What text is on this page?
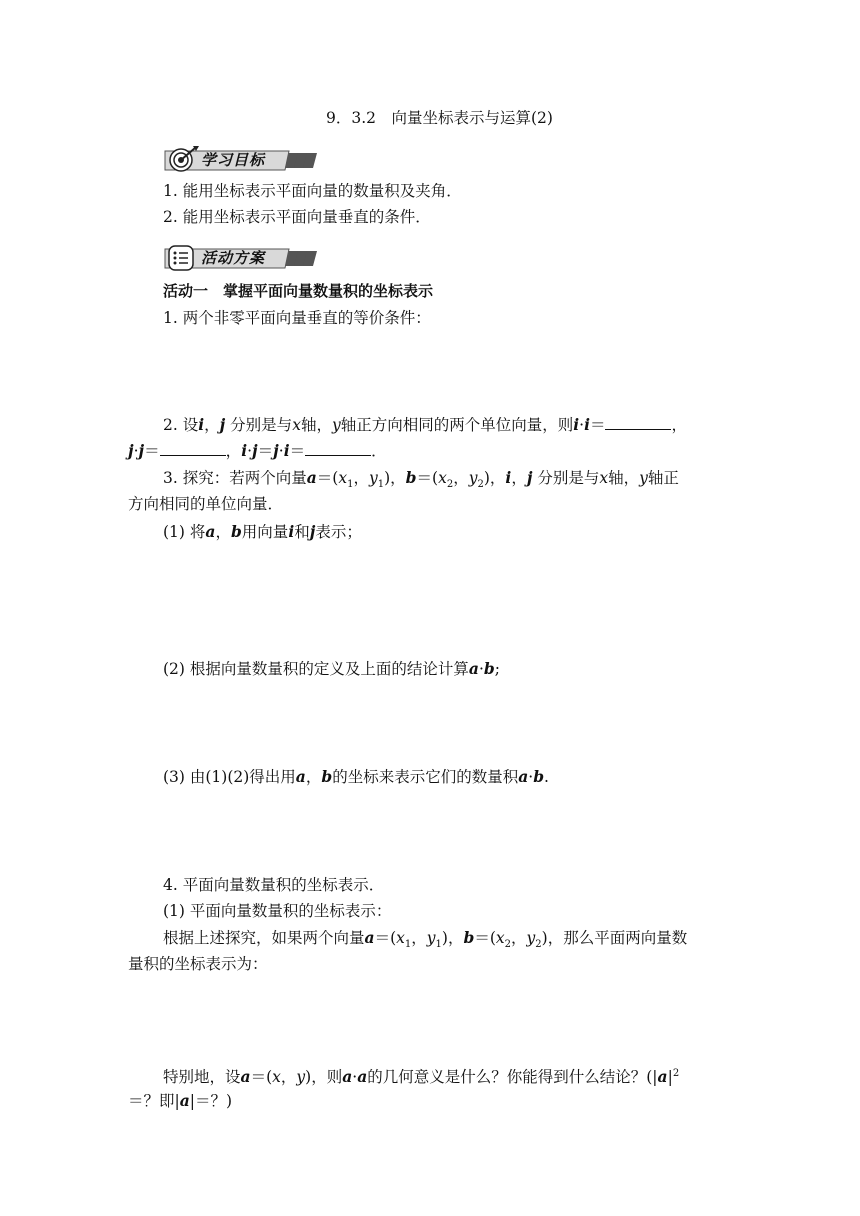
9．3.2　向量坐标表示与运算(2)
学习目标
1. 能用坐标表示平面向量的数量积及夹角．
2. 能用坐标表示平面向量垂直的条件．
活动方案
活动一　掌握平面向量数量积的坐标表示
1. 两个非零平面向量垂直的等价条件：
2. 设i，j 分别是与x轴，y轴正方向相同的两个单位向量，则i·i＝	，
j·j＝	，i·j＝j·i＝	．
3. 探究：若两个向量$a=(x_1$，$y_1$)，$b=(x_2$，$y_2$)，i，j 分别是与x轴，y轴正
方向相同的单位向量．
(1) 将a，b用向量i和j表示；
(2) 根据向量数量积的定义及上面的结论计算a·b;
(3) 由(1)(2)得出用a，b的坐标来表示它们的数量积a·b.
4. 平面向量数量积的坐标表示．
(1) 平面向量数量积的坐标表示：
根据上述探究，如果两个向量$a=(x_1$，$y_1$)，$b=(x_2$，$y_2$)，那么平面两向量数
量积的坐标表示为：
特别地，设a＝(x，y)，则a·a的几何意义是什么？你能得到什么结论？($|a|^2$
＝？即|a|＝？)
